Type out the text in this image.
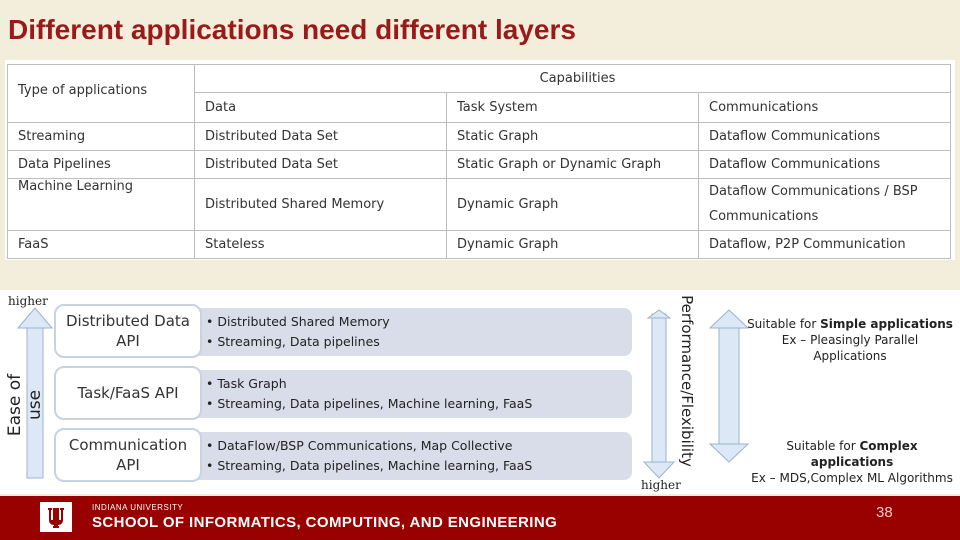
Different applications need different layers
Type of applications	Capabilities		
	Data	Task System	Communications
Streaming	Distributed Data Set	Static Graph	Dataflow Communications
Data Pipelines	Distributed Data Set	Static Graph or Dynamic Graph	Dataflow Communications
Machine Learning	Distributed Shared Memory	Dynamic Graph	Dataflow Communications / BSP
Communications

FaaS	Stateless	Dynamic Graph	Dataflow, P2P Communication
higher
Ease of use
Distributed Data
API
• Distributed Shared Memory
• Streaming, Data pipelines
Task/FaaS API
• Task Graph
• Streaming, Data pipelines, Machine learning, FaaS
Communication
API
• DataFlow/BSP Communications, Map Collective
• Streaming, Data pipelines, Machine learning, FaaS	Performance/Flexibility
higher
Suitable for Simple applications
Ex – Pleasingly Parallel Applications
Suitable for Complex applications
Ex – MDS,Complex ML Algorithms
INDIANA UNIVERSITY
SCHOOL OF INFORMATICS, COMPUTING, AND ENGINEERING
38
